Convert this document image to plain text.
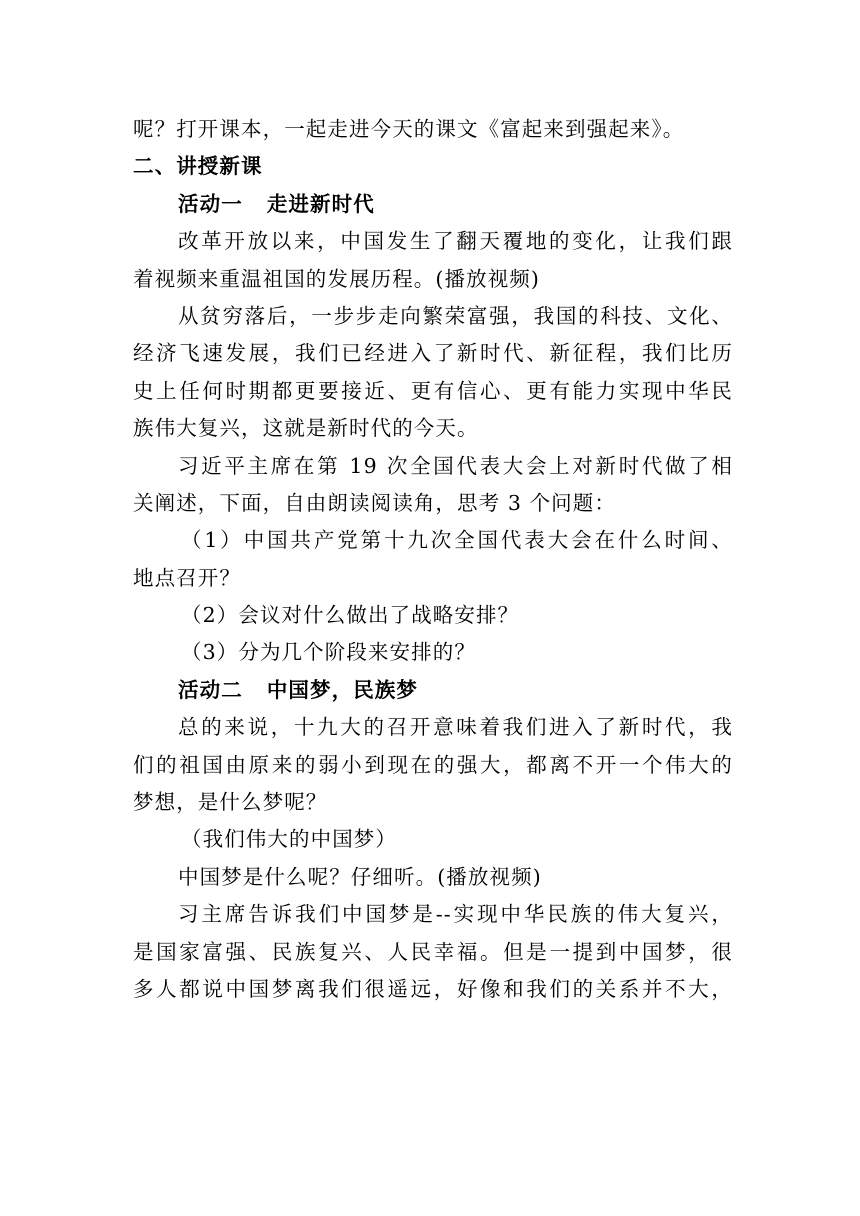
呢？打开课本，一起走进今天的课文《富起来到强起来》。
二、讲授新课
活动一 走进新时代
改革开放以来，中国发生了翻天覆地的变化，让我们跟
着视频来重温祖国的发展历程。(播放视频)
从贫穷落后，一步步走向繁荣富强，我国的科技、文化、
经济飞速发展，我们已经进入了新时代、新征程，我们比历
史上任何时期都更要接近、更有信心、更有能力实现中华民
族伟大复兴，这就是新时代的今天。
习近平主席在第 19 次全国代表大会上对新时代做了相
关阐述，下面，自由朗读阅读角，思考 3 个问题：
（1）中国共产党第十九次全国代表大会在什么时间、
地点召开？
（2）会议对什么做出了战略安排？
（3）分为几个阶段来安排的？
活动二 中国梦，民族梦
总的来说，十九大的召开意味着我们进入了新时代，我
们的祖国由原来的弱小到现在的强大，都离不开一个伟大的
梦想，是什么梦呢？
（我们伟大的中国梦）
中国梦是什么呢？仔细听。(播放视频)
习主席告诉我们中国梦是--实现中华民族的伟大复兴，
是国家富强、民族复兴、人民幸福。但是一提到中国梦，很
多人都说中国梦离我们很遥远，好像和我们的关系并不大，
